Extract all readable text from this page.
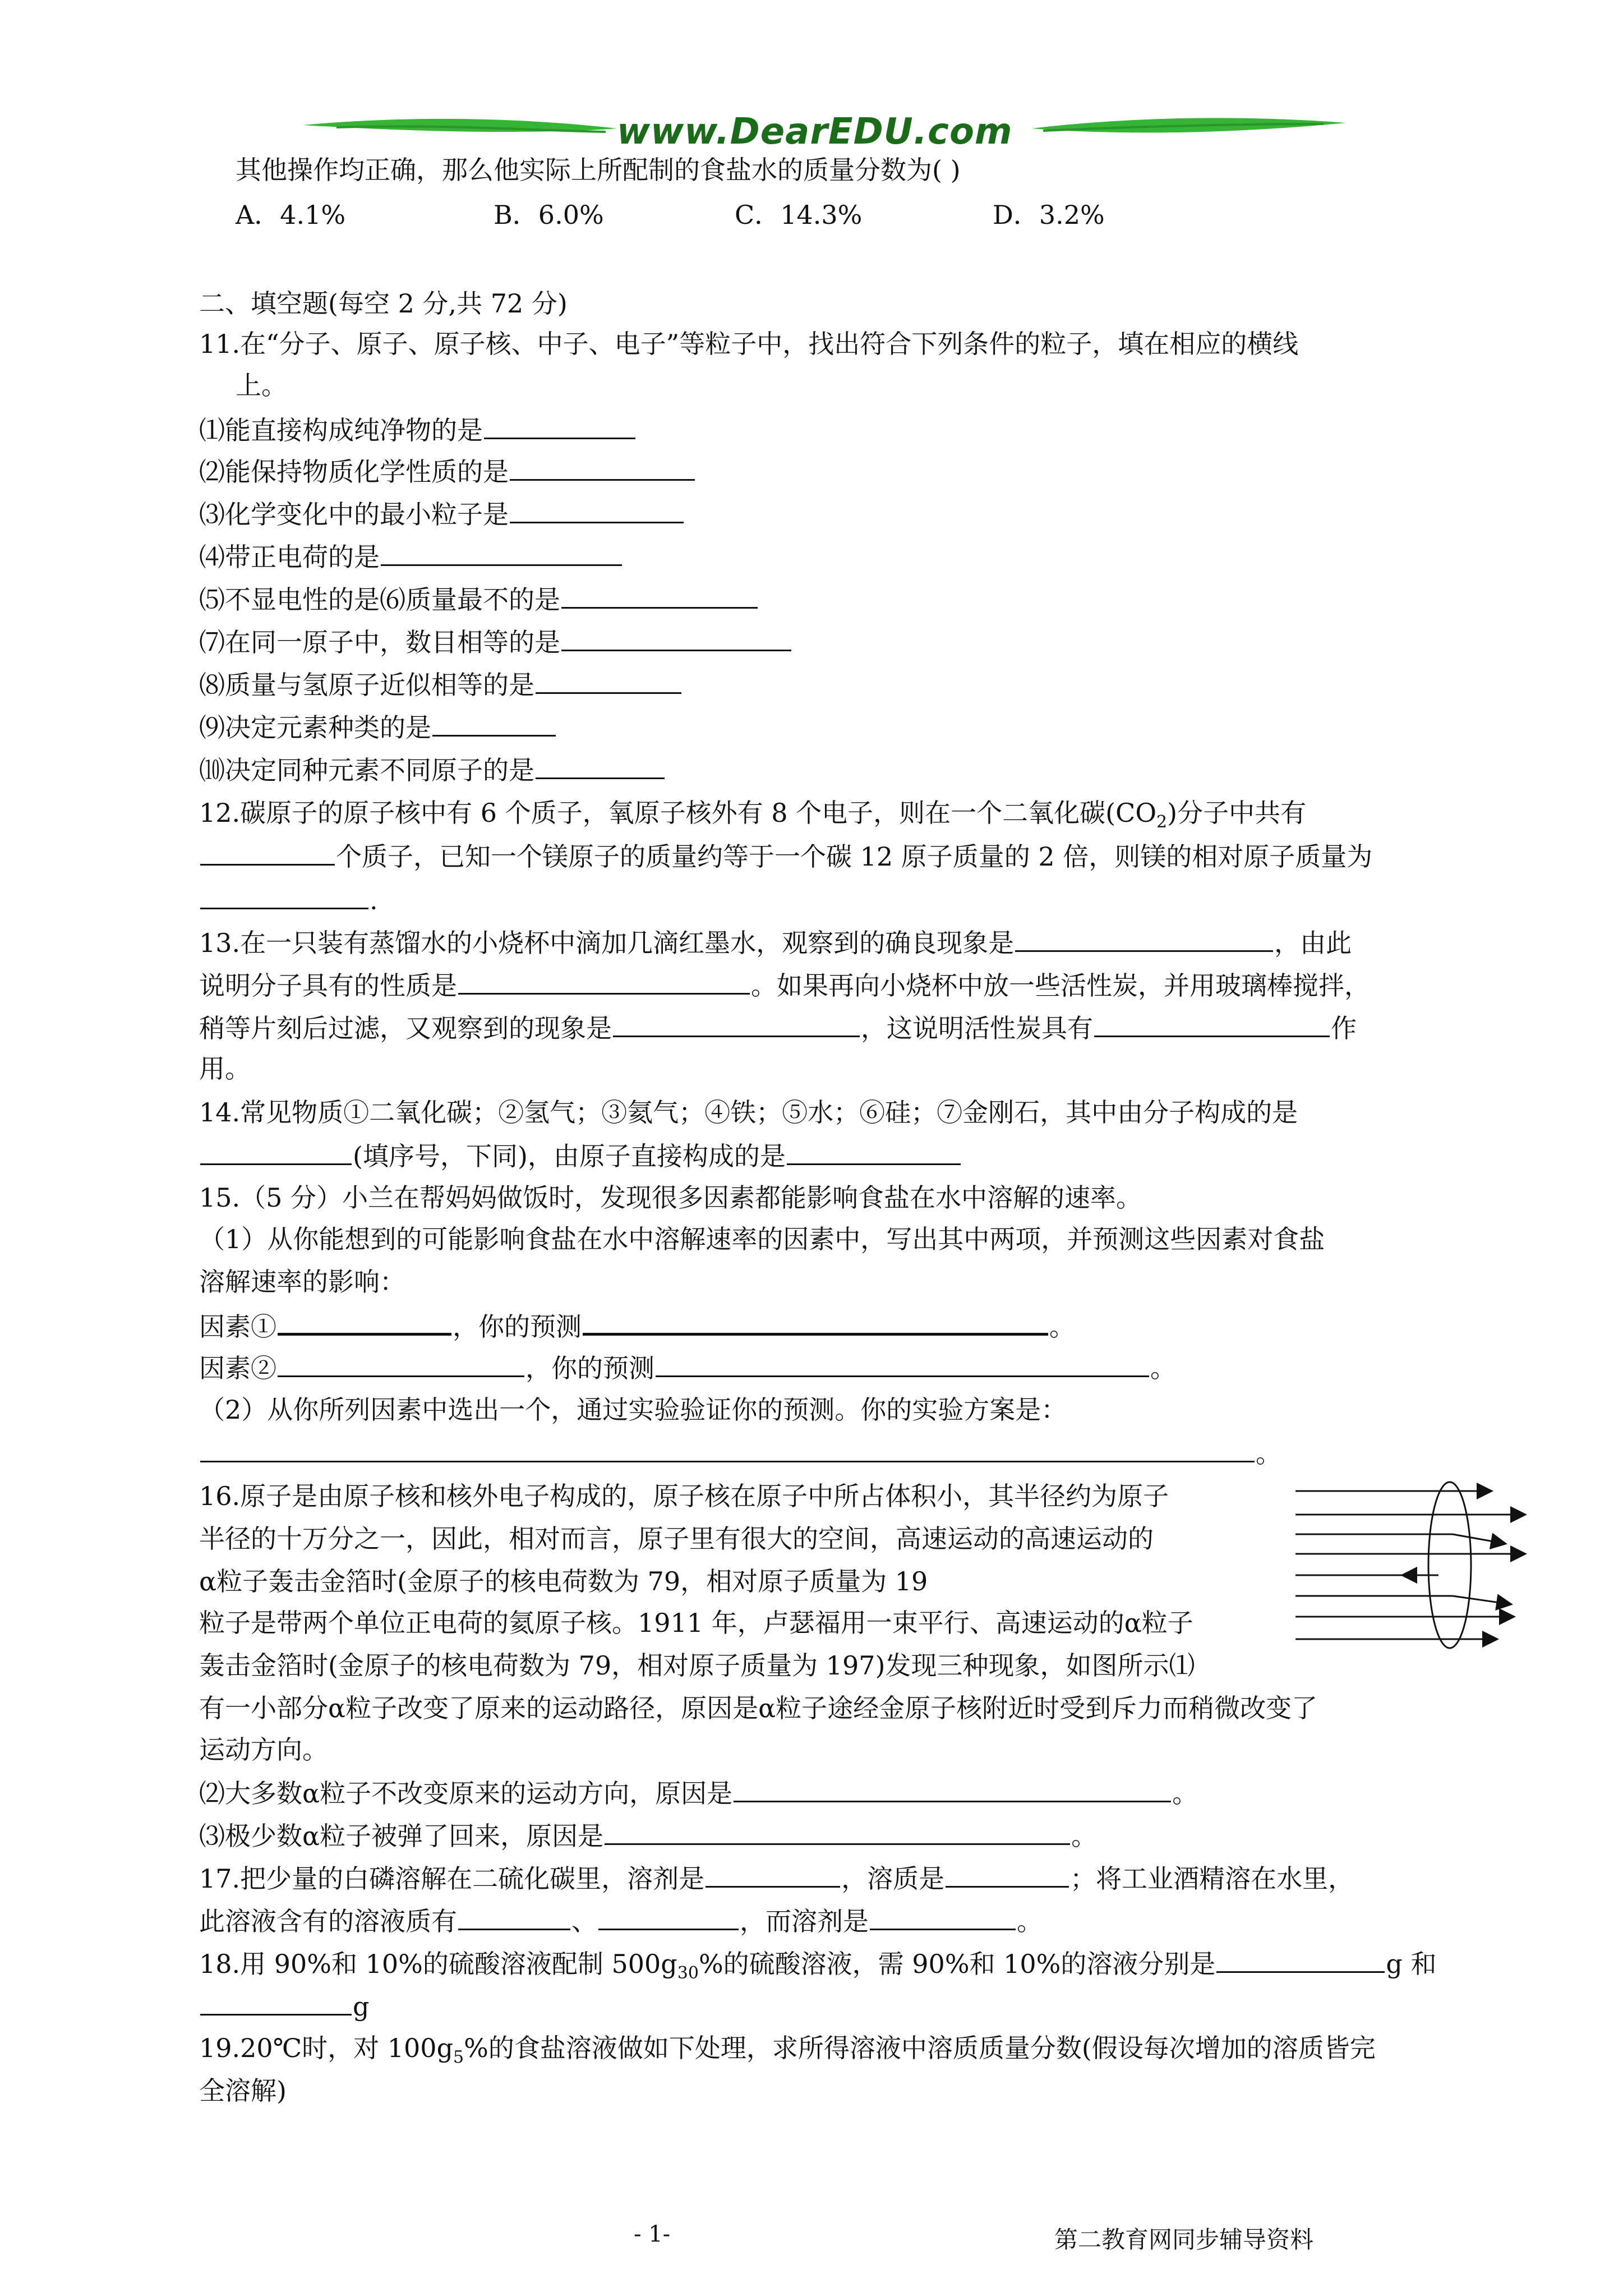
www.DearEDU.com
其他操作均正确，那么他实际上所配制的食盐水的质量分数为( )
A．4.1%	B．6.0%	C．14.3%	D．3.2%
二、填空题(每空 2 分,共 72 分)
11.在“分子、原子、原子核、中子、电子”等粒子中，找出符合下列条件的粒子，填在相应的横线
上。
⑴能直接构成纯净物的是
⑵能保持物质化学性质的是
⑶化学变化中的最小粒子是
⑷带正电荷的是
⑸不显电性的是⑹质量最不的是
⑺在同一原子中，数目相等的是
⑻质量与氢原子近似相等的是
⑼决定元素种类的是
⑽决定同种元素不同原子的是
12.碳原子的原子核中有 6 个质子，氧原子核外有 8 个电子，则在一个二氧化碳$(CO_2)$分子中共有
个质子，已知一个镁原子的质量约等于一个碳 12 原子质量的 2 倍，则镁的相对原子质量为
.
13.在一只装有蒸馏水的小烧杯中滴加几滴红墨水，观察到的确良现象是	，由此
说明分子具有的性质是	。如果再向小烧杯中放一些活性炭，并用玻璃棒搅拌，
稍等片刻后过滤，又观察到的现象是	，这说明活性炭具有	作
用。
14.常见物质①二氧化碳；②氢气；③氦气；④铁；⑤水；⑥硅；⑦金刚石，其中由分子构成的是
(填序号，下同)，由原子直接构成的是
15.（5 分）小兰在帮妈妈做饭时，发现很多因素都能影响食盐在水中溶解的速率。
（1）从你能想到的可能影响食盐在水中溶解速率的因素中，写出其中两项，并预测这些因素对食盐
溶解速率的影响：
因素①	，你的预测	。
因素②	，你的预测	。
（2）从你所列因素中选出一个，通过实验验证你的预测。你的实验方案是：
。
16.原子是由原子核和核外电子构成的，原子核在原子中所占体积小，其半径约为原子
半径的十万分之一，因此，相对而言，原子里有很大的空间，高速运动的高速运动的
α粒子轰击金箔时(金原子的核电荷数为 79，相对原子质量为 19
粒子是带两个单位正电荷的氦原子核。1911 年，卢瑟福用一束平行、高速运动的α粒子
轰击金箔时(金原子的核电荷数为 79，相对原子质量为 197)发现三种现象，如图所示⑴
有一小部分α粒子改变了原来的运动路径，原因是α粒子途经金原子核附近时受到斥力而稍微改变了
运动方向。
⑵大多数α粒子不改变原来的运动方向，原因是	。
⑶极少数α粒子被弹了回来，原因是	。
17.把少量的白磷溶解在二硫化碳里，溶剂是	，溶质是	；将工业酒精溶在水里，
此溶液含有的溶液质有	、	，而溶剂是	。
18.用 90%和 10%的硫酸溶液配制 $500g_{30}\%$的硫酸溶液，需 90%和 10%的溶液分别是	g 和
g
19.20℃时，对 $100g_5\%$的食盐溶液做如下处理，求所得溶液中溶质质量分数(假设每次增加的溶质皆完
全溶解)
- 1-	第二教育网同步辅导资料
